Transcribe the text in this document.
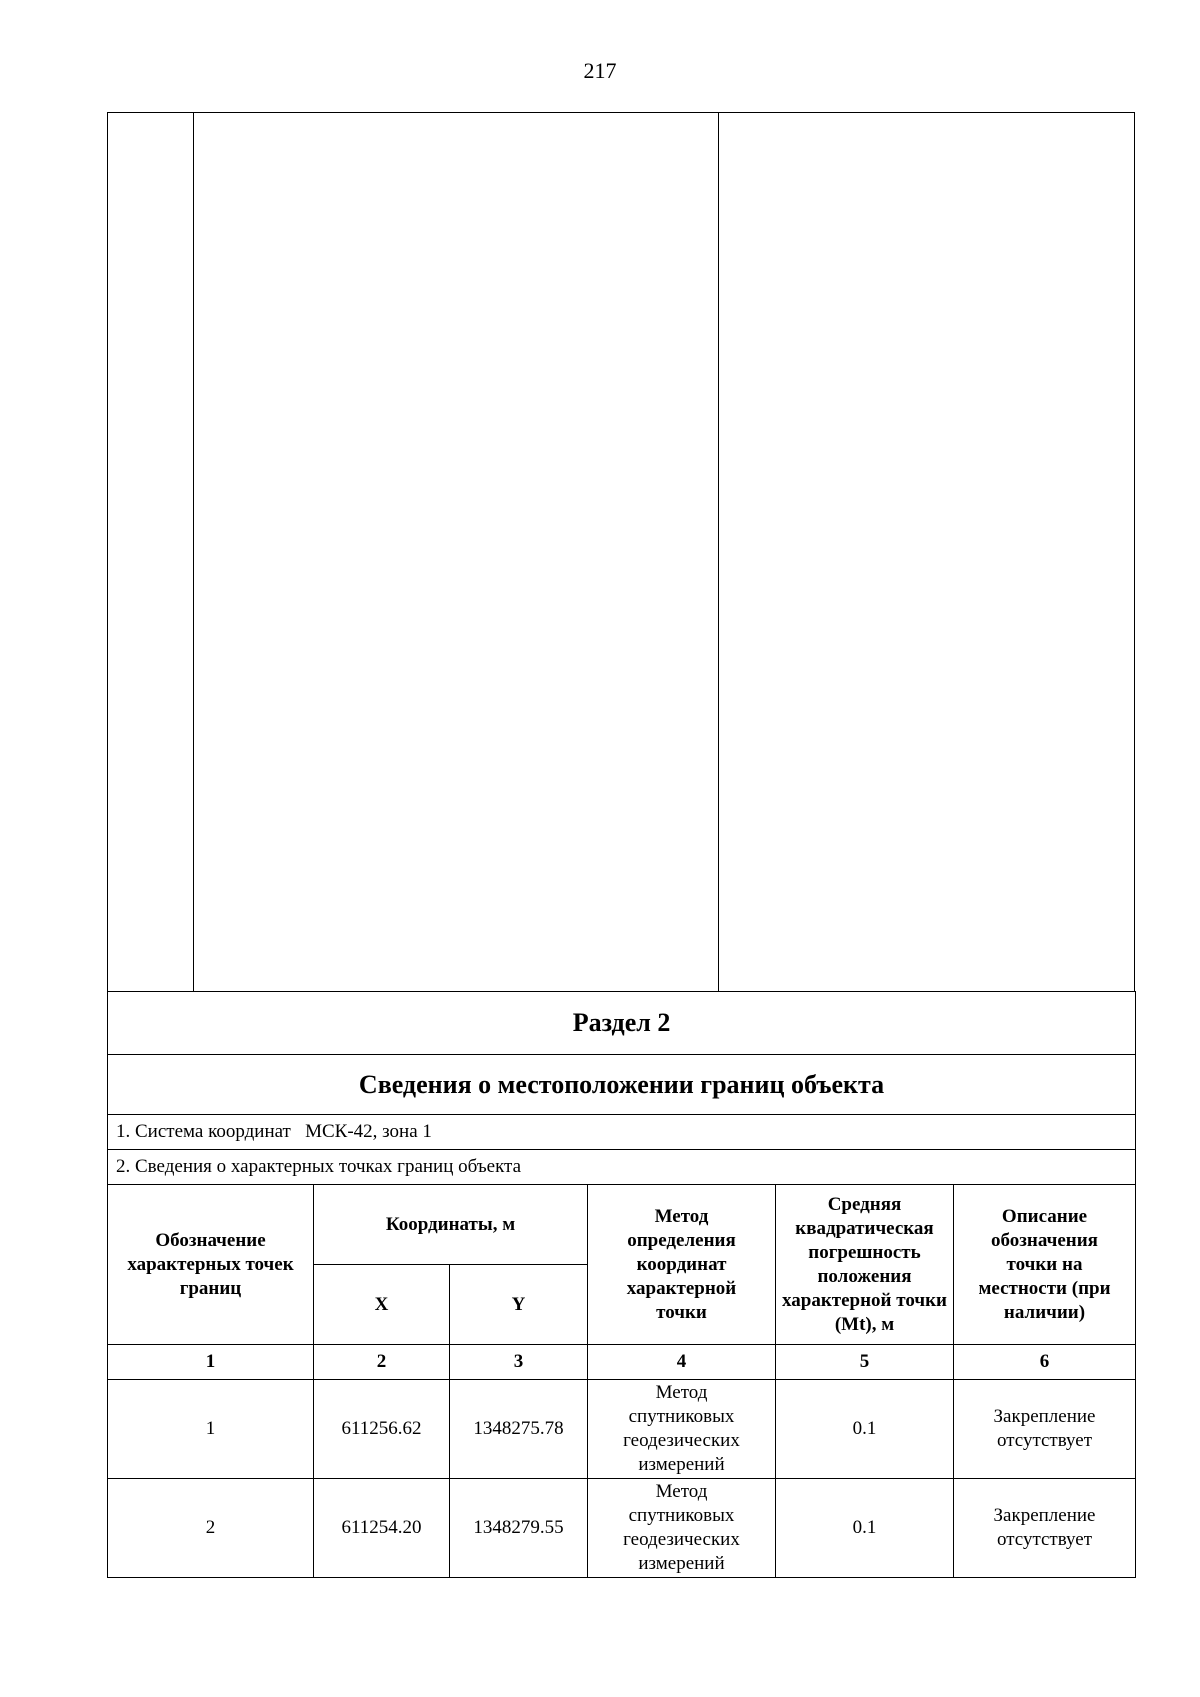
217
Раздел 2					
Сведения о местоположении границ объекта					
1. Система координат   МСК-42, зона 1					
2. Сведения о характерных точках границ объекта					
Обозначение характерных точек границ	Координаты, м		Метод определения координат характерной точки	Средняя квадратическая погрешность положения характерной точки (Mt), м	Описание обозначения точки на местности (при наличии)
	X	Y			
1	2	3	4	5	6
1	611256.62	1348275.78	Метод спутниковых геодезических измерений	0.1	Закрепление отсутствует
2	611254.20	1348279.55	Метод спутниковых геодезических измерений	0.1	Закрепление отсутствует
